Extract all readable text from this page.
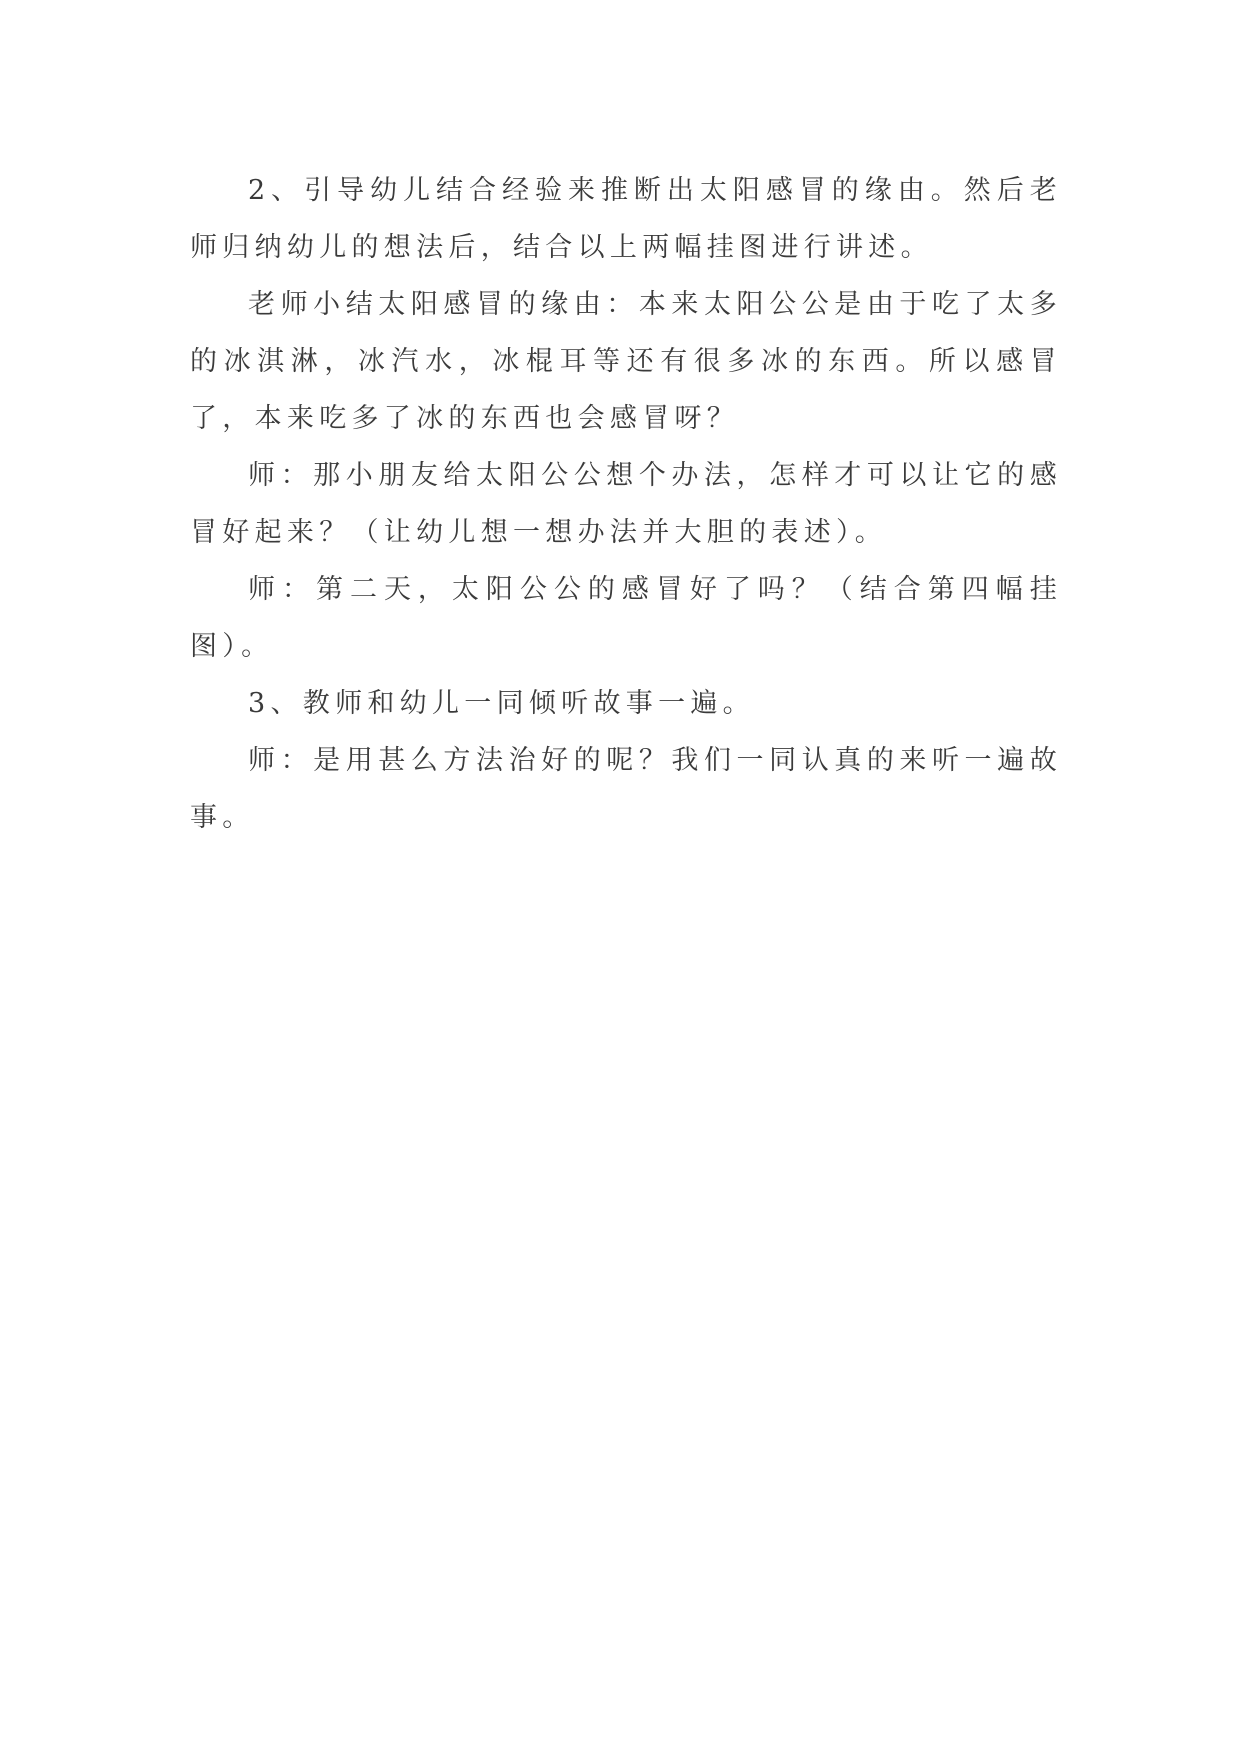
2、引导幼儿结合经验来推断出太阳感冒的缘由。然后老师归纳幼儿的想法后，结合以上两幅挂图进行讲述。

老师小结太阳感冒的缘由：本来太阳公公是由于吃了太多的冰淇淋，冰汽水，冰棍耳等还有很多冰的东西。所以感冒了，本来吃多了冰的东西也会感冒呀？

师：那小朋友给太阳公公想个办法，怎样才可以让它的感冒好起来？（让幼儿想一想办法并大胆的表述）。

师：第二天，太阳公公的感冒好了吗？（结合第四幅挂图）。

3、教师和幼儿一同倾听故事一遍。

师：是用甚么方法治好的呢？我们一同认真的来听一遍故事。
